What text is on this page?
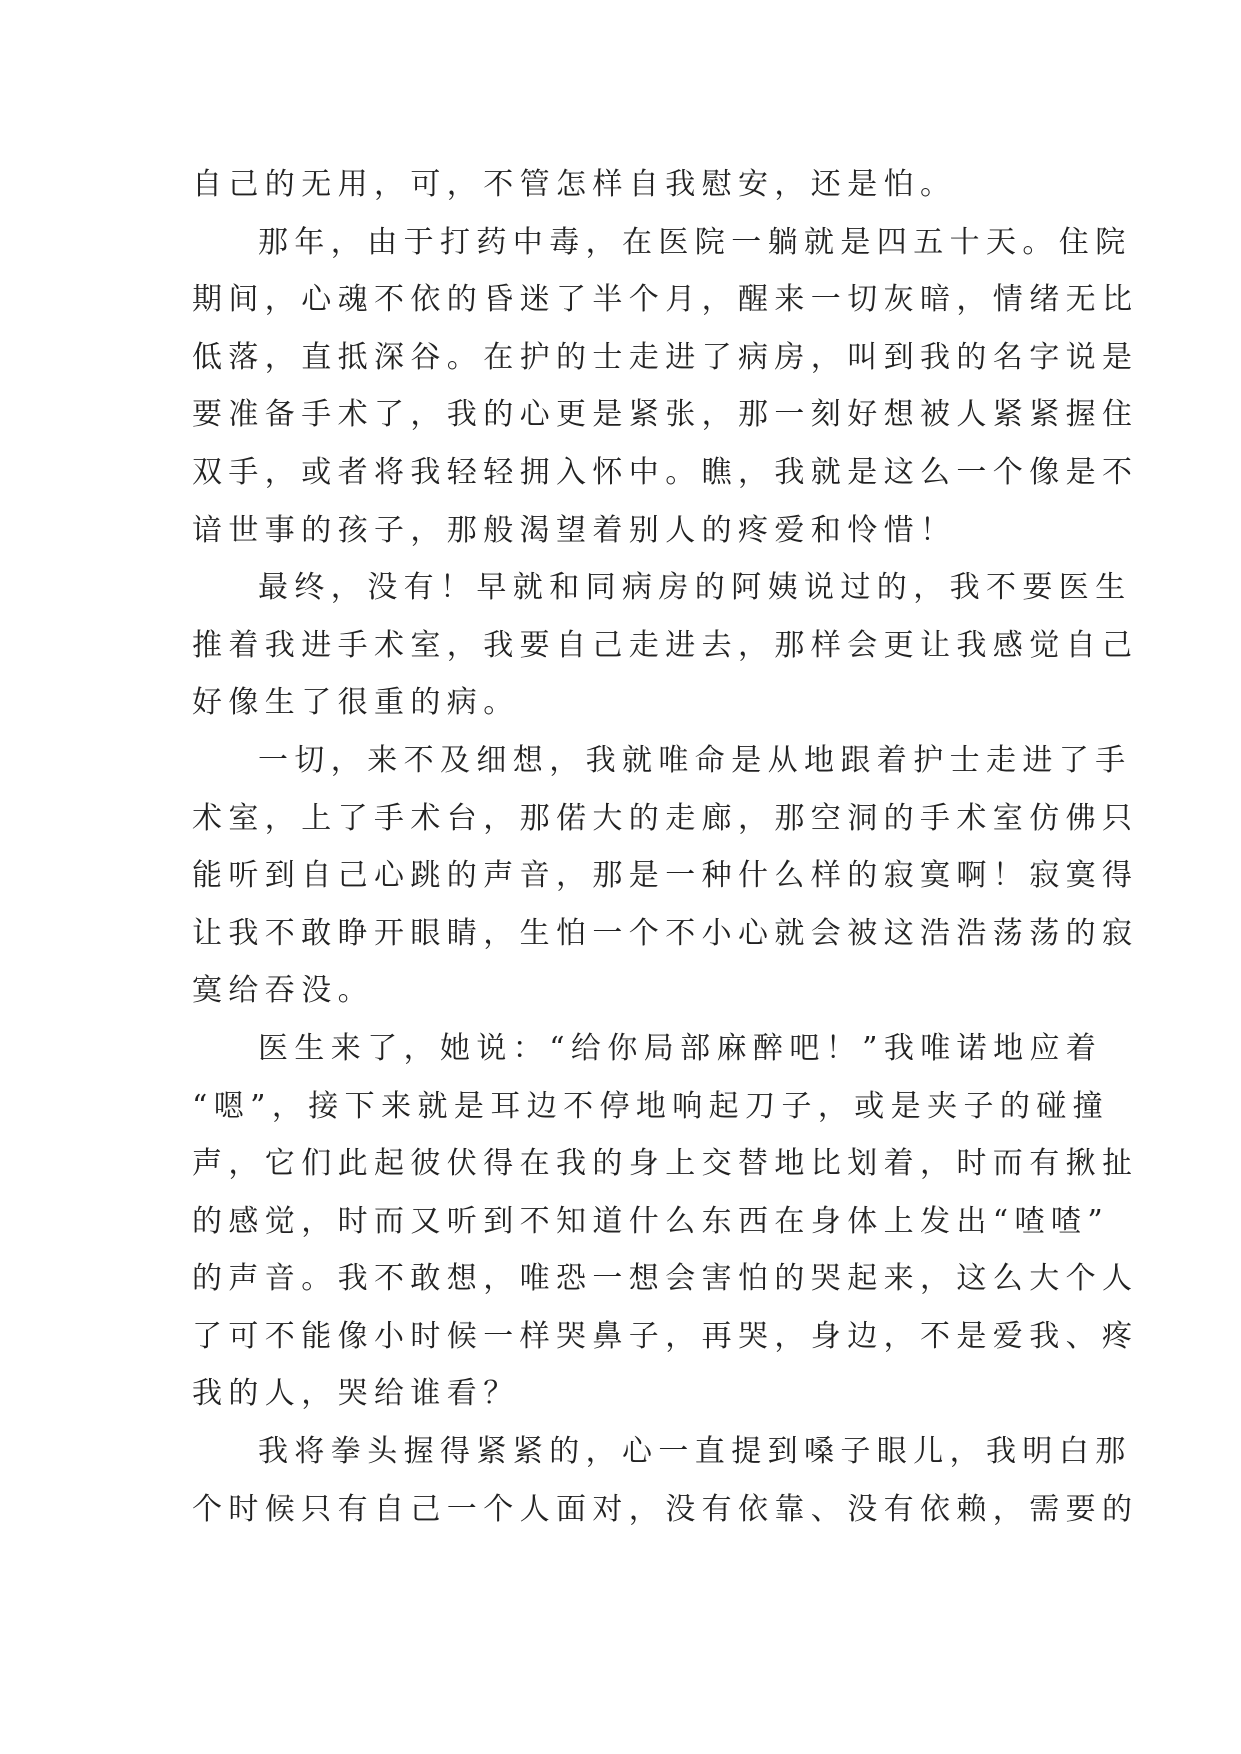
自己的无用，可，不管怎样自我慰安，还是怕。
那年，由于打药中毒，在医院一躺就是四五十天。住院
期间，心魂不依的昏迷了半个月，醒来一切灰暗，情绪无比
低落，直抵深谷。在护的士走进了病房，叫到我的名字说是
要准备手术了，我的心更是紧张，那一刻好想被人紧紧握住
双手，或者将我轻轻拥入怀中。瞧，我就是这么一个像是不
谙世事的孩子，那般渴望着别人的疼爱和怜惜！
最终，没有！早就和同病房的阿姨说过的，我不要医生
推着我进手术室，我要自己走进去，那样会更让我感觉自己
好像生了很重的病。
一切，来不及细想，我就唯命是从地跟着护士走进了手
术室，上了手术台，那偌大的走廊，那空洞的手术室仿佛只
能听到自己心跳的声音，那是一种什么样的寂寞啊！寂寞得
让我不敢睁开眼睛，生怕一个不小心就会被这浩浩荡荡的寂
寞给吞没。
医生来了，她说：“给你局部麻醉吧！”我唯诺地应着
“嗯”，接下来就是耳边不停地响起刀子，或是夹子的碰撞
声，它们此起彼伏得在我的身上交替地比划着，时而有揪扯
的感觉，时而又听到不知道什么东西在身体上发出“喳喳”
的声音。我不敢想，唯恐一想会害怕的哭起来，这么大个人
了可不能像小时候一样哭鼻子，再哭，身边，不是爱我、疼
我的人，哭给谁看？
我将拳头握得紧紧的，心一直提到嗓子眼儿，我明白那
个时候只有自己一个人面对，没有依靠、没有依赖，需要的
